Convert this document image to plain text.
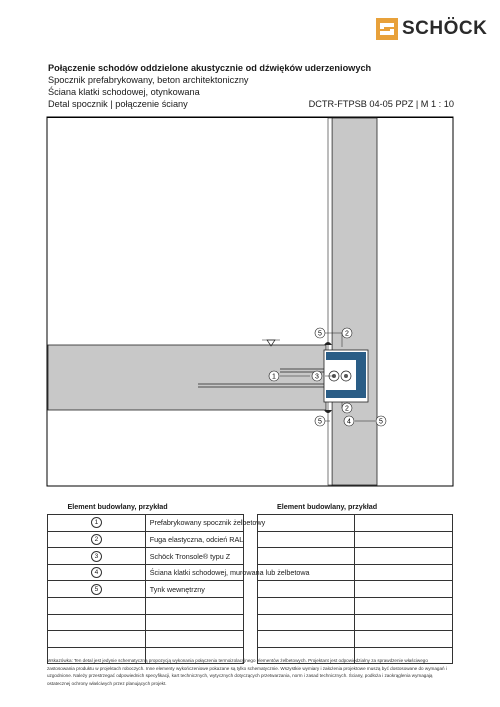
SCHÖCK
Połączenie schodów oddzielone akustycznie od dźwięków uderzeniowych
Spocznik prefabrykowany, beton architektoniczny
Ściana klatki schodowej, otynkowana
Detal spocznik | połączenie ściany	DCTR-FTPSB 04-05 PPZ | M 1 : 10
5	2
1	3
2
5	4	5
Element budowlany, przykład			Element budowlany, przykład	
1	Prefabrykowany spocznik żelbetowy			
2	Fuga elastyczna, odcień RAL			
3	Schöck Tronsole® typu Z			
4	Ściana klatki schodowej, murowana lub żelbetowa			
5	Tynk wewnętrzny			

Wskazówka: Ten detal jest jedynie schematyczną propozycją wykonania połączenia termoizolacyjnego elementów żelbetowych. Projektant jest odpowiedzialny za sprawdzenie właściwego zastosowania produktu w projektach roboczych. Inne elementy wykończeniowe pokazane są tylko schematycznie. Wszystkie wymiary i założenia projektowe muszą być dostosowane do wymagań i uzgodnione. Należy przestrzegać odpowiednich specyfikacji, kart technicznych, wytycznych dotyczących przetwarzania, norm i zasad technicznych. Ściany, podłoża i zaokrąglenia wymagają ostatecznej ochrony właściwych przez planujących projekt.
